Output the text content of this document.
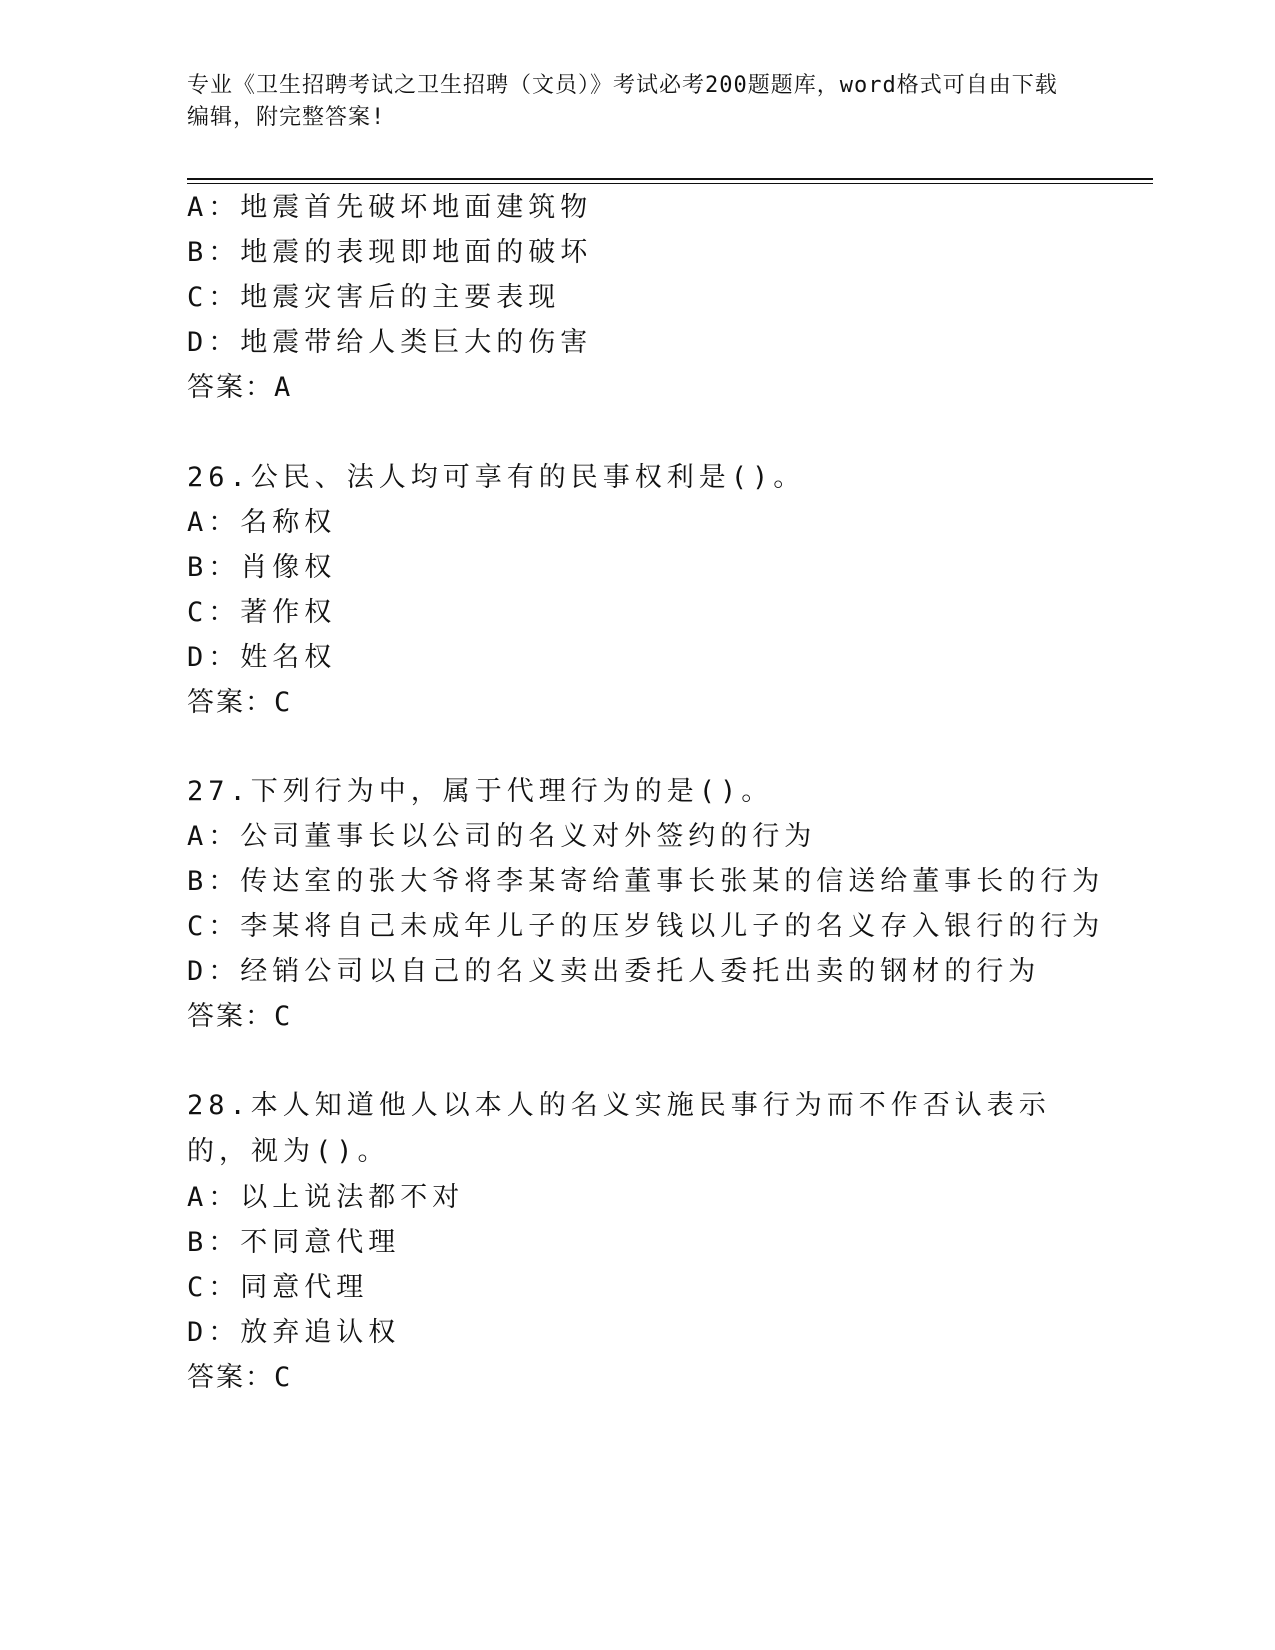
专业《卫生招聘考试之卫生招聘（文员）》考试必考200题题库，word格式可自由下载编辑，附完整答案!
A：地震首先破坏地面建筑物
B：地震的表现即地面的破坏
C：地震灾害后的主要表现
D：地震带给人类巨大的伤害
答案：A
26.公民、法人均可享有的民事权利是()。
A：名称权
B：肖像权
C：著作权
D：姓名权
答案：C
27.下列行为中，属于代理行为的是()。
A：公司董事长以公司的名义对外签约的行为
B：传达室的张大爷将李某寄给董事长张某的信送给董事长的行为
C：李某将自己未成年儿子的压岁钱以儿子的名义存入银行的行为
D：经销公司以自己的名义卖出委托人委托出卖的钢材的行为
答案：C
28.本人知道他人以本人的名义实施民事行为而不作否认表示的，视为()。
A：以上说法都不对
B：不同意代理
C：同意代理
D：放弃追认权
答案：C
